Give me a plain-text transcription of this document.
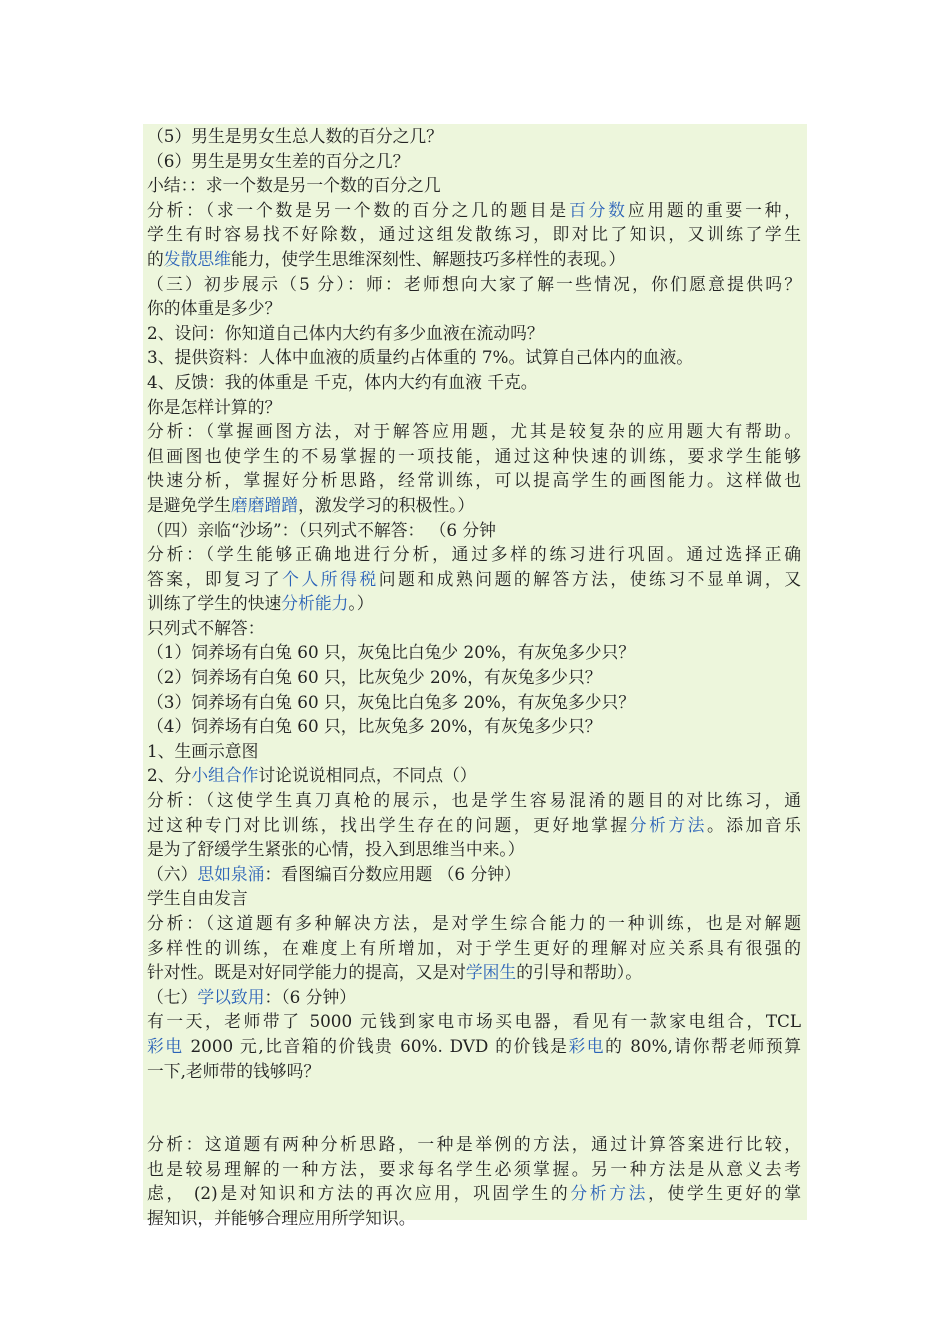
（5）男生是男女生总人数的百分之几？
（6）男生是男女生差的百分之几？
小结：：求一个数是另一个数的百分之几
分析：（求一个数是另一个数的百分之几的题目是百分数应用题的重要一种，
学生有时容易找不好除数，通过这组发散练习，即对比了知识，又训练了学生
的发散思维能力，使学生思维深刻性、解题技巧多样性的表现。）
（三）初步展示（5 分）：师：老师想向大家了解一些情况，你们愿意提供吗？
你的体重是多少？
2、设问：你知道自己体内大约有多少血液在流动吗？
3、提供资料：人体中血液的质量约占体重的 7%。试算自己体内的血液。
4、反馈：我的体重是 千克，体内大约有血液 千克。
你是怎样计算的？
分析：（掌握画图方法，对于解答应用题，尤其是较复杂的应用题大有帮助。
但画图也使学生的不易掌握的一项技能，通过这种快速的训练，要求学生能够
快速分析，掌握好分析思路，经常训练，可以提高学生的画图能力。这样做也
是避免学生磨磨蹭蹭，激发学习的积极性。）
（四）亲临“沙场”：（只列式不解答： （6 分钟
分析：（学生能够正确地进行分析，通过多样的练习进行巩固。通过选择正确
答案，即复习了个人所得税问题和成熟问题的解答方法，使练习不显单调，又
训练了学生的快速分析能力。）
只列式不解答：
（1）饲养场有白兔 60 只，灰兔比白兔少 20%，有灰兔多少只？
（2）饲养场有白兔 60 只，比灰兔少 20%，有灰兔多少只？
（3）饲养场有白兔 60 只，灰兔比白兔多 20%，有灰兔多少只？
（4）饲养场有白兔 60 只，比灰兔多 20%，有灰兔多少只？
1、生画示意图
2、分小组合作讨论说说相同点，不同点（）
分析：（这使学生真刀真枪的展示，也是学生容易混淆的题目的对比练习，通
过这种专门对比训练，找出学生存在的问题，更好地掌握分析方法。添加音乐
是为了舒缓学生紧张的心情，投入到思维当中来。）
（六）思如泉涌：看图编百分数应用题 （6 分钟）
学生自由发言
分析：（这道题有多种解决方法，是对学生综合能力的一种训练，也是对解题
多样性的训练，在难度上有所增加，对于学生更好的理解对应关系具有很强的
针对性。既是对好同学能力的提高，又是对学困生的引导和帮助）。
（七）学以致用：（6 分钟）
有一天，老师带了 5000 元钱到家电市场买电器，看见有一款家电组合，TCL
彩电 2000 元,比音箱的价钱贵 60%. DVD 的价钱是彩电的 80%,请你帮老师预算
一下,老师带的钱够吗？
分析：这道题有两种分析思路，一种是举例的方法，通过计算答案进行比较，
也是较易理解的一种方法，要求每名学生必须掌握。另一种方法是从意义去考
虑， (2)是对知识和方法的再次应用，巩固学生的分析方法，使学生更好的掌
握知识，并能够合理应用所学知识。
